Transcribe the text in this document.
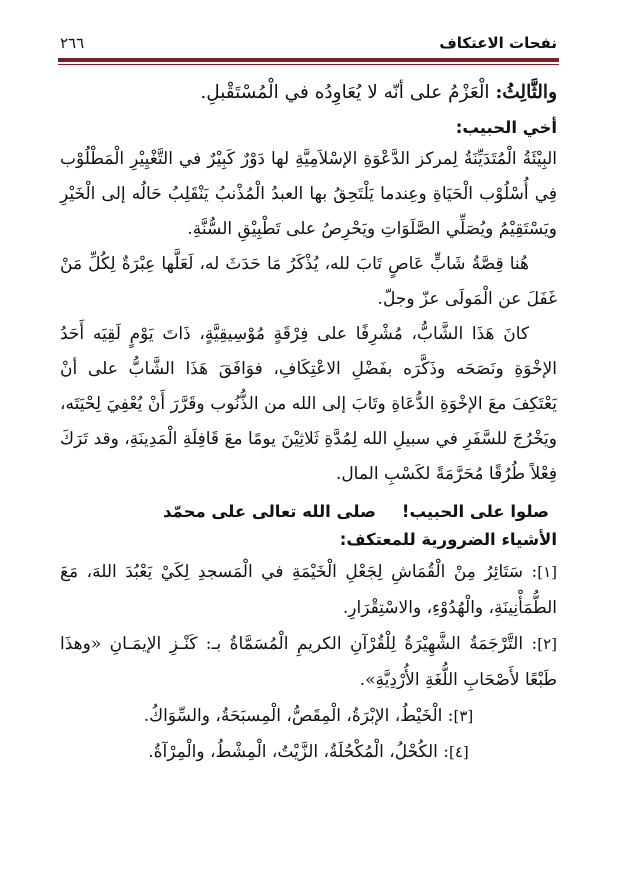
٢٦٦	نفحات الاعتكاف

والثَّالِثُ: الْعَزْمُ على أنّه لا يُعَاوِدُه في الْمُسْتَقْبلِ.

أخي الحبيب:

البِيْئَةُ الْمُتَدَيِّنَةُ لِمركز الدَّعْوَةِ الإسْلاَمِيَّةِ لها دَوْرٌ كَبِيْرٌ في التَّغْيِيْرِ الْمَطْلُوْب فِي أُسْلُوْب الْحَيَاةِ وعِندما يَلْتَحِقُ بها العبدُ الْمُذْنبُ يَنْقَلِبُ حَالُه إلى الْخَيْرِ ويَسْتَقِيْمُ ويُصَلِّي الصَّلَوَاتِ ويَحْرِصُ على تَطْبِيْقِ السُّنَّةِ.

هُنا قِصَّةُ شَابٍّ عَاصٍ تَابَ لله، يُذْكَرُ مَا حَدَثَ له، لَعَلَّها عِبْرَةٌ لِكُلِّ مَنْ غَفَلَ عن الْمَولَى عزّ وجلّ.

كانَ هَذَا الشَّابُّ، مُشْرِفًا على فِرْقَةٍ مُوْسِيقِيَّةٍ، ذَاتَ يَوْمٍ لَقِيَه أَحَدُ الإخْوَةِ ونَصَحَه وذَكَّرَه بفَضْلِ الاعْتِكَافِ، فوَافَقَ هَذَا الشَّابُّ على أنْ يَعْتَكِفَ معَ الإخْوَةِ الدُّعَاةِ وتَابَ إلى الله من الذُّنُوب وقَرَّرَ أَنْ يُعْفِيَ لِحْيَتَه، ويَخْرُجَ للسَّفَرِ في سبيلِ الله لِمُدَّةِ ثَلاثِيْنَ يومًا معَ قَافِلَةِ الْمَدِينَةِ، وقد تَرَكَ فِعْلاً طُرُقًا مُحَرَّمَةً لكَسْبِ المال.

صلوا على الحبيب!
صلى الله تعالى على محمّد

الأشياء الضرورية للمعتكف:

[١]: سَتَائِرُ مِنْ الْقُمَاشِ لِجَعْلِ الْخَيْمَةِ في الْمَسجدِ لِكَيْ يَعْبُدَ اللهَ، مَعَ الطُّمَأْنِينَةِ، والْهُدُوْءِ، والاسْتِقْرَارِ.

[٢]: التَّرْجَمَةُ الشَّهِيْرَةُ لِلْقُرْآنِ الكريمِ الْمُسَمَّاةُ بـ: كَنْـزِ الإيمَـانِ «وهذَا طَبْعًا لأَصْحَابِ اللُّغَةِ الأُرْدِيَّةِ».

[٣]: الْخَيْطُ، الإبْرَةُ، الْمِقَصُّ، الْمِسبَحَةُ، والسِّوَاكُ.

[٤]: الكُحْلُ، الْمُكْحُلَةُ، الزَّيْتُ، الْمِشْطُ، والْمِرْآةُ.
